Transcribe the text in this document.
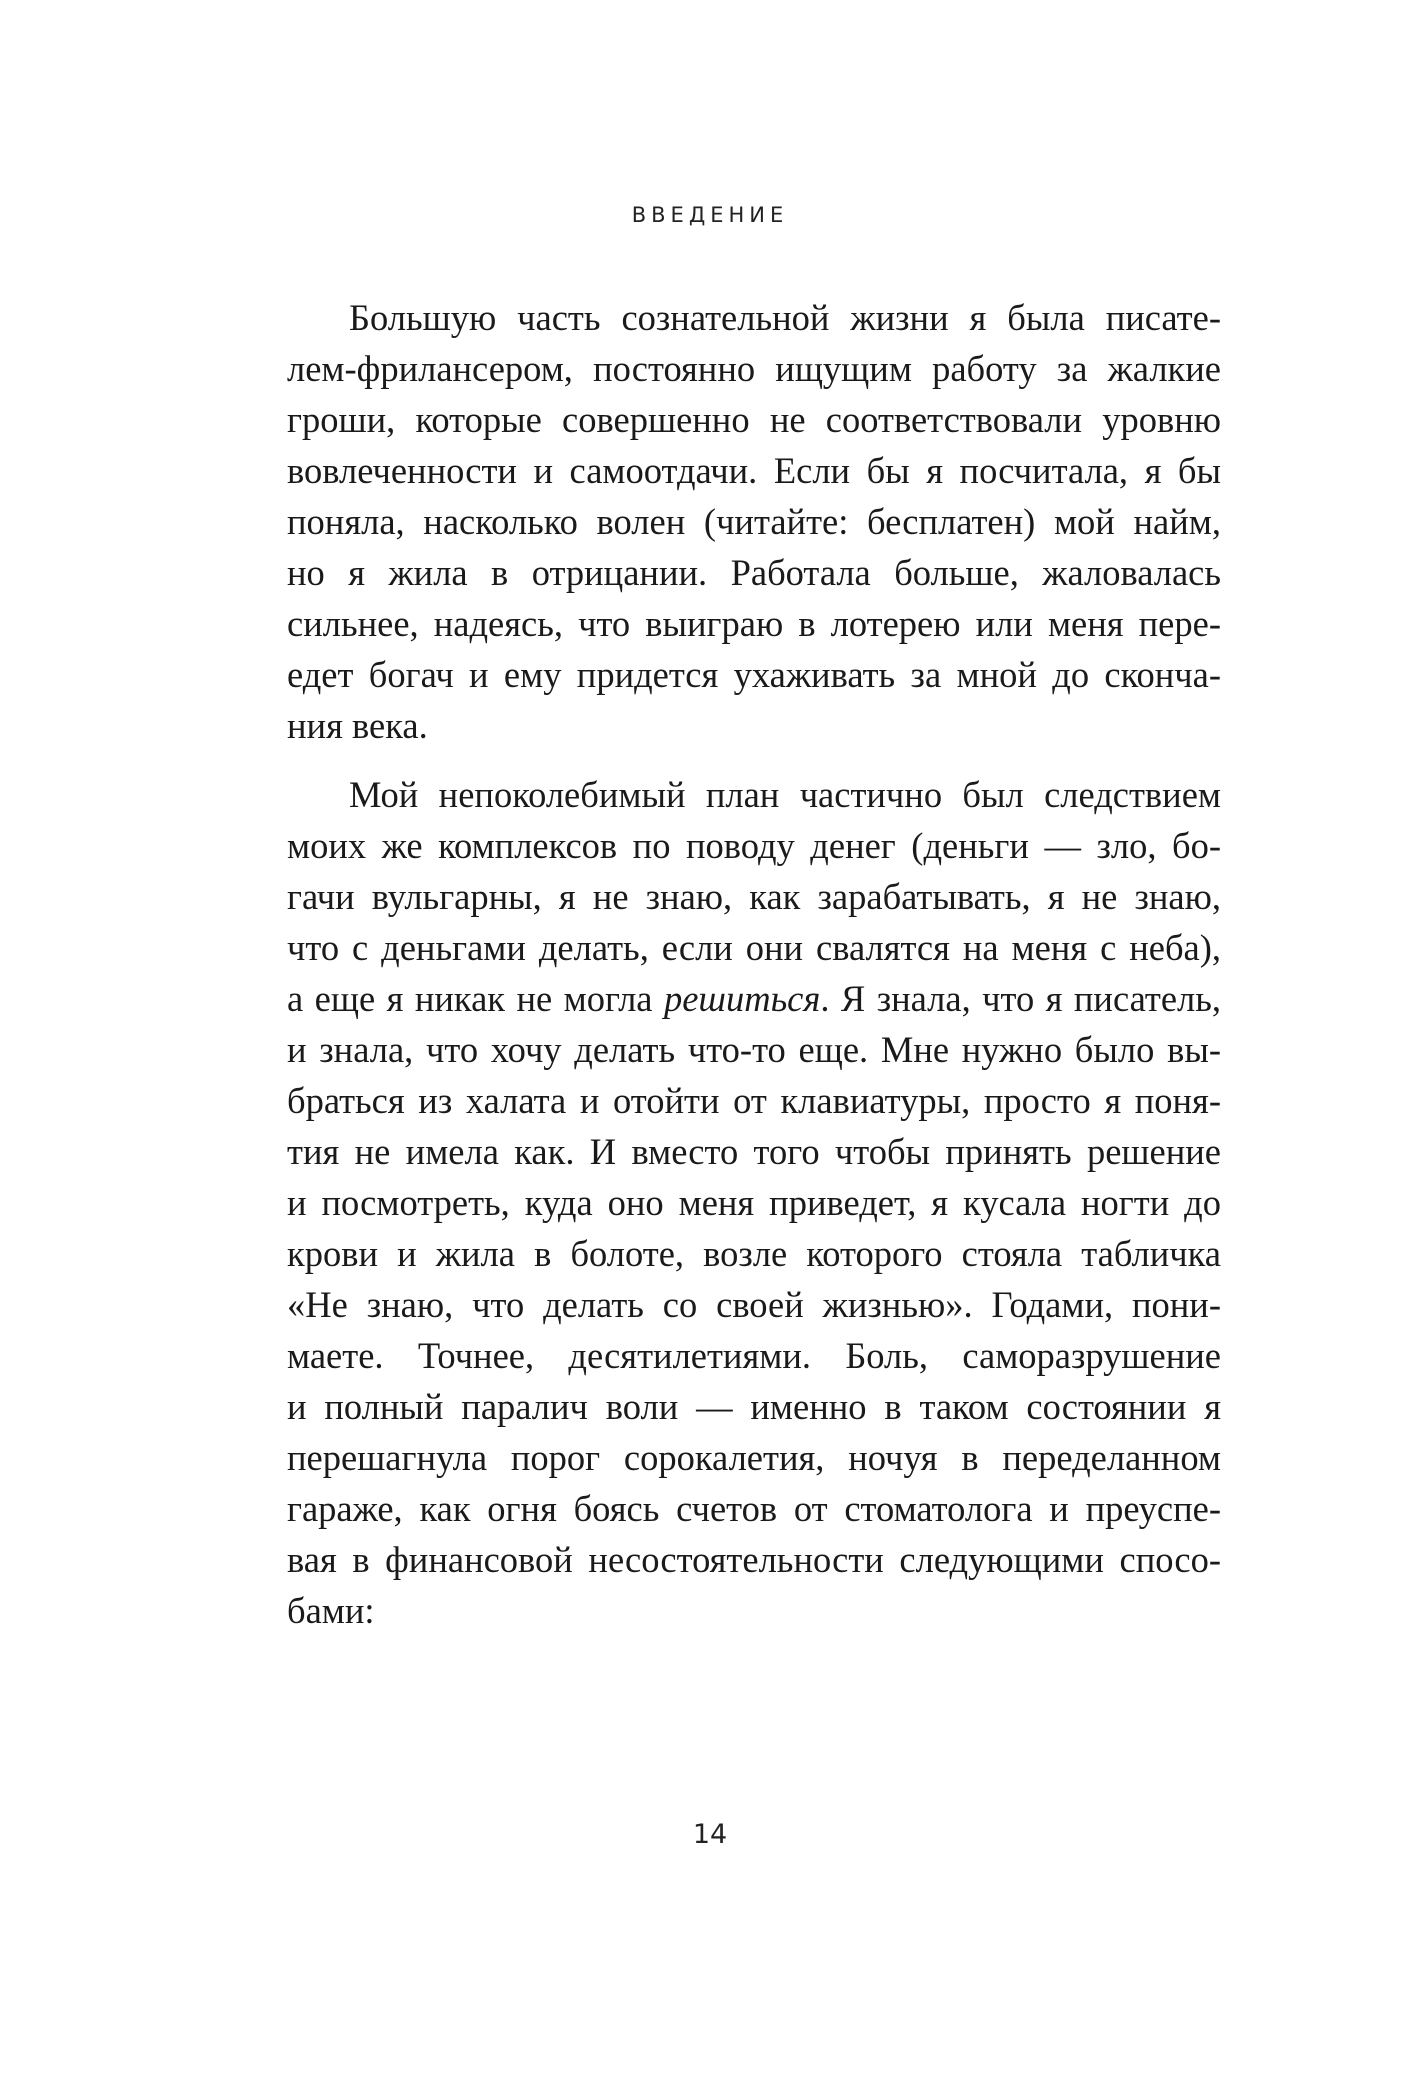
ВВЕДЕНИЕ
Большую часть сознательной жизни я была писате-
лем-фрилансером, постоянно ищущим работу за жалкие
гроши, которые совершенно не соответствовали уровню
вовлеченности и самоотдачи. Если бы я посчитала, я бы
поняла, насколько волен (читайте: бесплатен) мой найм,
но я жила в отрицании. Работала больше, жаловалась
сильнее, надеясь, что выиграю в лотерею или меня пере-
едет богач и ему придется ухаживать за мной до сконча-
ния века.
Мой непоколебимый план частично был следствием
моих же комплексов по поводу денег (деньги — зло, бо-
гачи вульгарны, я не знаю, как зарабатывать, я не знаю,
что с деньгами делать, если они свалятся на меня с неба),
а еще я никак не могла решиться. Я знала, что я писатель,
и знала, что хочу делать что-то еще. Мне нужно было вы-
браться из халата и отойти от клавиатуры, просто я поня-
тия не имела как. И вместо того чтобы принять решение
и посмотреть, куда оно меня приведет, я кусала ногти до
крови и жила в болоте, возле которого стояла табличка
«Не знаю, что делать со своей жизнью». Годами, пони-
маете. Точнее, десятилетиями. Боль, саморазрушение
и полный паралич воли — именно в таком состоянии я
перешагнула порог сорокалетия, ночуя в переделанном
гараже, как огня боясь счетов от стоматолога и преуспе-
вая в финансовой несостоятельности следующими спосо-
бами:
14
